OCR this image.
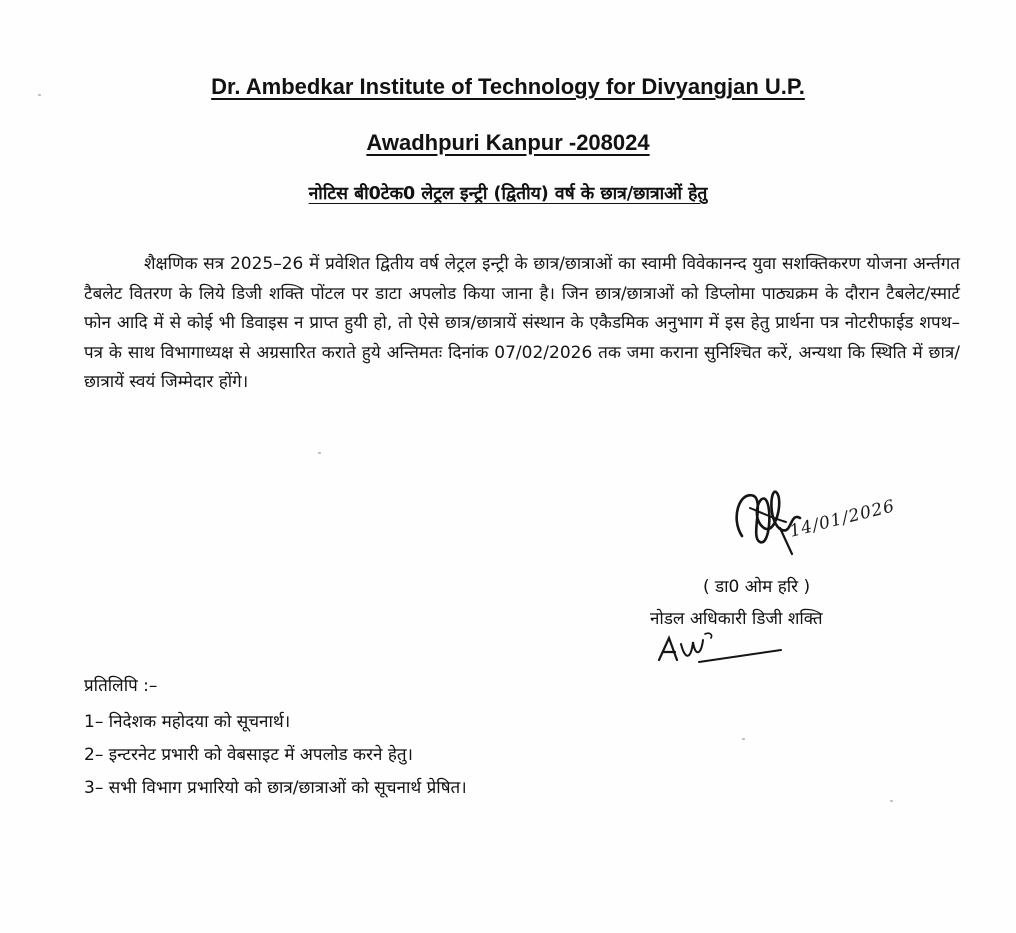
Dr. Ambedkar Institute of Technology for Divyangjan U.P.
Awadhpuri Kanpur -208024
नोटिस बी0टेक0 लेट्रल इन्ट्री (द्वितीय) वर्ष के छात्र/छात्राओं हेतु

शैक्षणिक सत्र 2025–26 में प्रवेशित द्वितीय वर्ष लेट्रल इन्ट्री के छात्र/छात्राओं का स्वामी विवेकानन्द युवा सशक्तिकरण योजना अर्न्तगत टैबलेट वितरण के लिये डिजी शक्ति पोंटल पर डाटा अपलोड किया जाना है। जिन छात्र/छात्राओं को डिप्लोमा पाठ्यक्रम के दौरान टैबलेट/स्मार्ट फोन आदि में से कोई भी डिवाइस न प्राप्त हुयी हो, तो ऐसे छात्र/छात्रायें संस्थान के एकैडमिक अनुभाग में इस हेतु प्रार्थना पत्र नोटरीफाईड शपथ–पत्र के साथ विभागाध्यक्ष से अग्रसारित कराते हुये अन्तिमतः दिनांक 07/02/2026 तक जमा कराना सुनिश्चित करें, अन्यथा कि स्थिति में छात्र/छात्रायें स्वयं जिम्मेदार होंगे।

14/01/2026
( डा0 ओम हरि )
नोडल अधिकारी डिजी शक्ति
प्रतिलिपि :–
1– निदेशक महोदया को सूचनार्थ।
2– इन्टरनेट प्रभारी को वेबसाइट में अपलोड करने हेतु।
3– सभी विभाग प्रभारियो को छात्र/छात्राओं को सूचनार्थ प्रेषित।
